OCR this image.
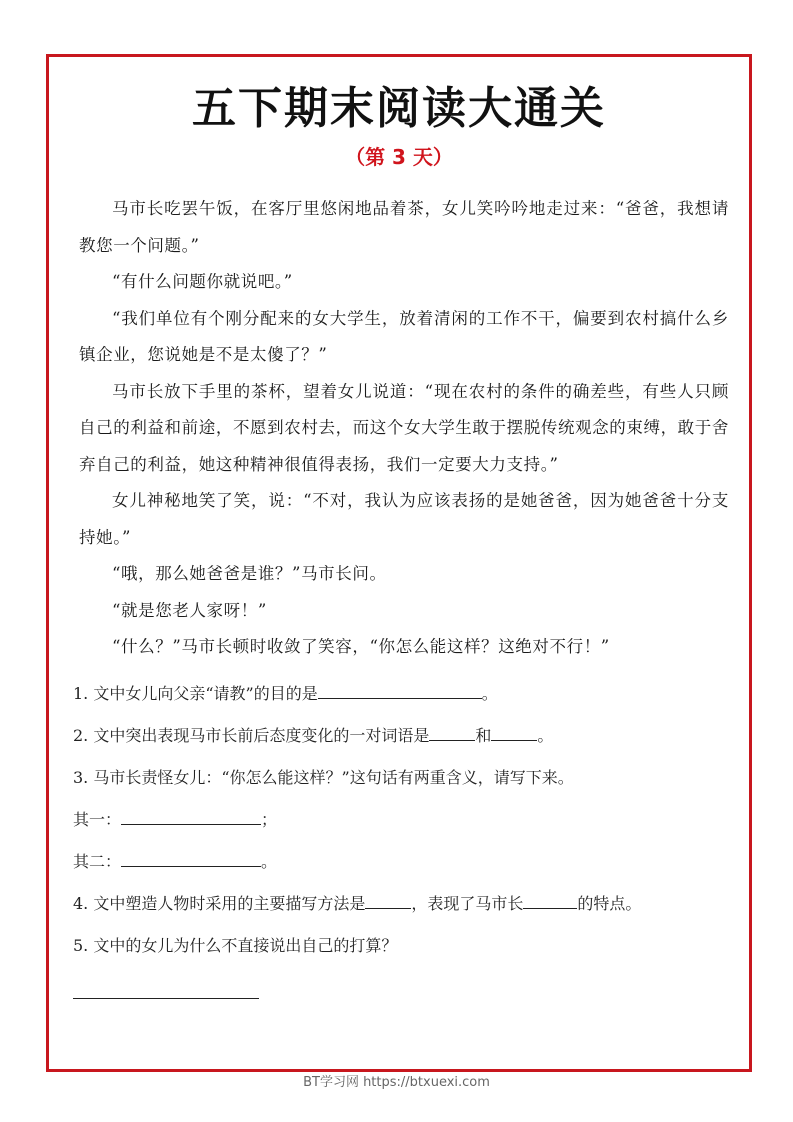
五下期末阅读大通关
（第 3 天）

马市长吃罢午饭，在客厅里悠闲地品着茶，女儿笑吟吟地走过来：“爸爸，我想请教您一个问题。”

“有什么问题你就说吧。”

“我们单位有个刚分配来的女大学生，放着清闲的工作不干，偏要到农村搞什么乡镇企业，您说她是不是太傻了？”

马市长放下手里的茶杯，望着女儿说道：“现在农村的条件的确差些，有些人只顾自己的利益和前途，不愿到农村去，而这个女大学生敢于摆脱传统观念的束缚，敢于舍弃自己的利益，她这种精神很值得表扬，我们一定要大力支持。”

女儿神秘地笑了笑，说：“不对，我认为应该表扬的是她爸爸，因为她爸爸十分支持她。”

“哦，那么她爸爸是谁？”马市长问。

“就是您老人家呀！”

“什么？”马市长顿时收敛了笑容，“你怎么能这样？这绝对不行！”

1. 文中女儿向父亲“请教”的目的是	。
2. 文中突出表现马市长前后态度变化的一对词语是	和	。
3. 马市长责怪女儿：“你怎么能这样？”这句话有两重含义，请写下来。
其一：	；
其二：	。
4. 文中塑造人物时采用的主要描写方法是	，表现了马市长	的特点。
5. 文中的女儿为什么不直接说出自己的打算？
BT学习网 https://btxuexi.com
